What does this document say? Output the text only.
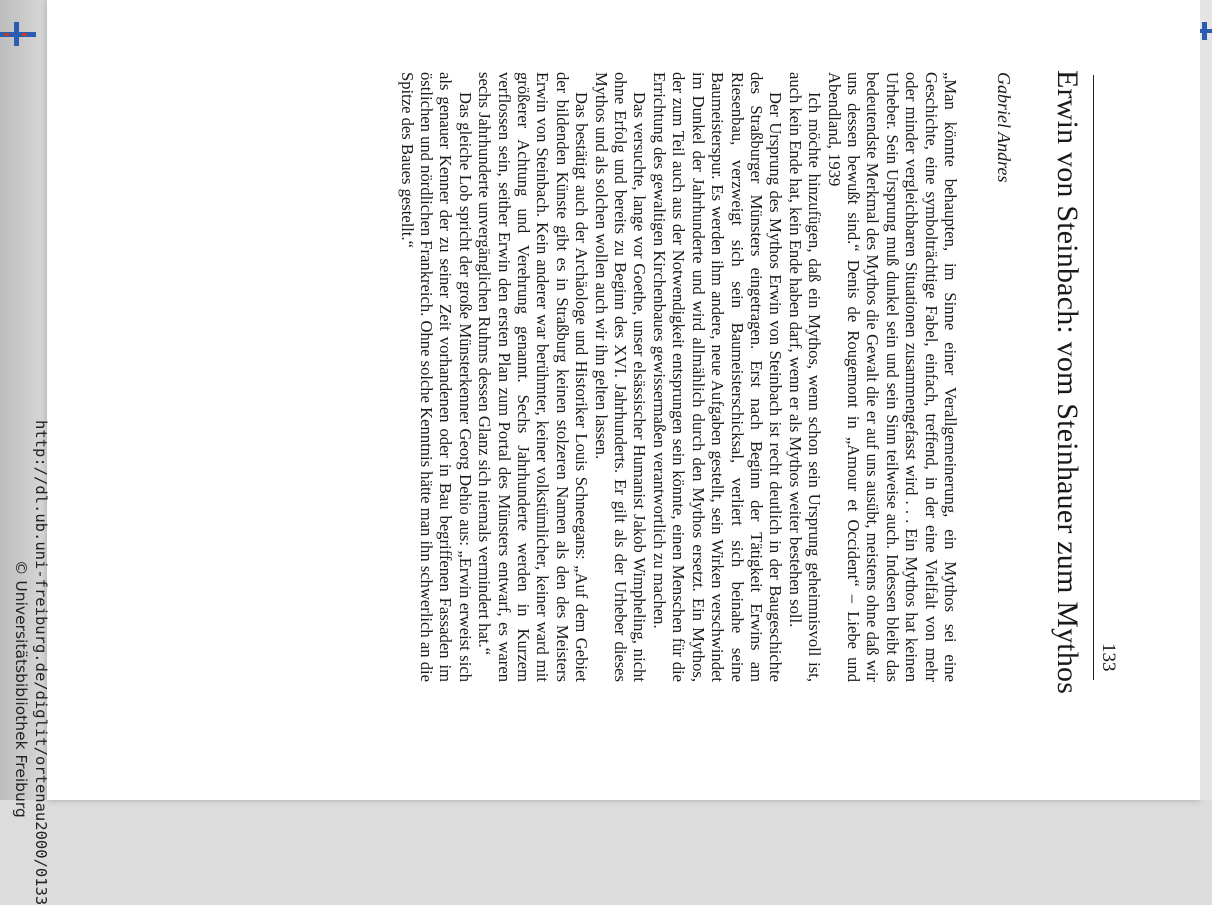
133
Erwin von Steinbach: vom Steinhauer zum Mythos
Gabriel Andres

„Man könnte behaupten, im Sinne einer Verallgemeinerung, ein Mythos sei eine Geschichte, eine symbolträchtige Fabel, einfach, treffend, in der eine Vielfalt von mehr oder minder vergleichbaren Situationen zusammengefasst wird . . . Ein Mythos hat keinen Urheber. Sein Ursprung muß dunkel sein und sein Sinn teilweise auch. Indessen bleibt das bedeutendste Merkmal des Mythos die Gewalt die er auf uns ausübt, meistens ohne daß wir uns dessen bewußt sind.“ Denis de Rougemont in „Amour et Occident“ – Liebe und Abendland, 1939

Ich möchte hinzufügen, daß ein Mythos, wenn schon sein Ursprung geheimnisvoll ist, auch kein Ende hat, kein Ende haben darf, wenn er als Mythos weiter bestehen soll.

Der Ursprung des Mythos Erwin von Steinbach ist recht deutlich in der Baugeschichte des Straßburger Münsters eingetragen. Erst nach Beginn der Tätigkeit Erwins am Riesenbau, verzweigt sich sein Baumeisterschicksal, verliert sich beinahe seine Baumeisterspur. Es werden ihm andere, neue Aufgaben gestellt, sein Wirken verschwindet im Dunkel der Jahrhunderte und wird allmählich durch den Mythos ersetzt. Ein Mythos, der zum Teil auch aus der Notwendigkeit entsprungen sein könnte, einen Menschen für die Errichtung des gewaltigen Kirchenbaues gewissermaßen verantwortlich zu machen.

Das versuchte, lange vor Goethe, unser elsässischer Humanist Jakob Wimpheling, nicht ohne Erfolg und bereits zu Beginn des XVI. Jahrhunderts. Er gilt als der Urheber dieses Mythos und als solchen wollen auch wir ihn gelten lassen.

Das bestätigt auch der Archäologe und Historiker Louis Schneegans: „Auf dem Gebiet der bildenden Künste gibt es in Straßburg keinen stolzeren Namen als den des Meisters Erwin von Steinbach. Kein anderer war berühmter, keiner volkstümlicher, keiner ward mit größerer Achtung und Verehrung genannt. Sechs Jahrhunderte werden in Kurzem verflossen sein, seither Erwin den ersten Plan zum Portal des Münsters entwarf, es waren sechs Jahrhunderte unvergänglichen Ruhms dessen Glanz sich niemals vermindert hat.“

Das gleiche Lob spricht der große Münsterkenner Georg Dehio aus: „Erwin erweist sich als genauer Kenner der zu seiner Zeit vorhandenen oder in Bau begriffenen Fassaden im östlichen und nördlichen Frankreich. Ohne solche Kenntnis hätte man ihn schwerlich an die Spitze des Baues gestellt.“

http://dl.ub.uni-freiburg.de/diglit/ortenau2000/0133
© Universitätsbibliothek Freiburg
